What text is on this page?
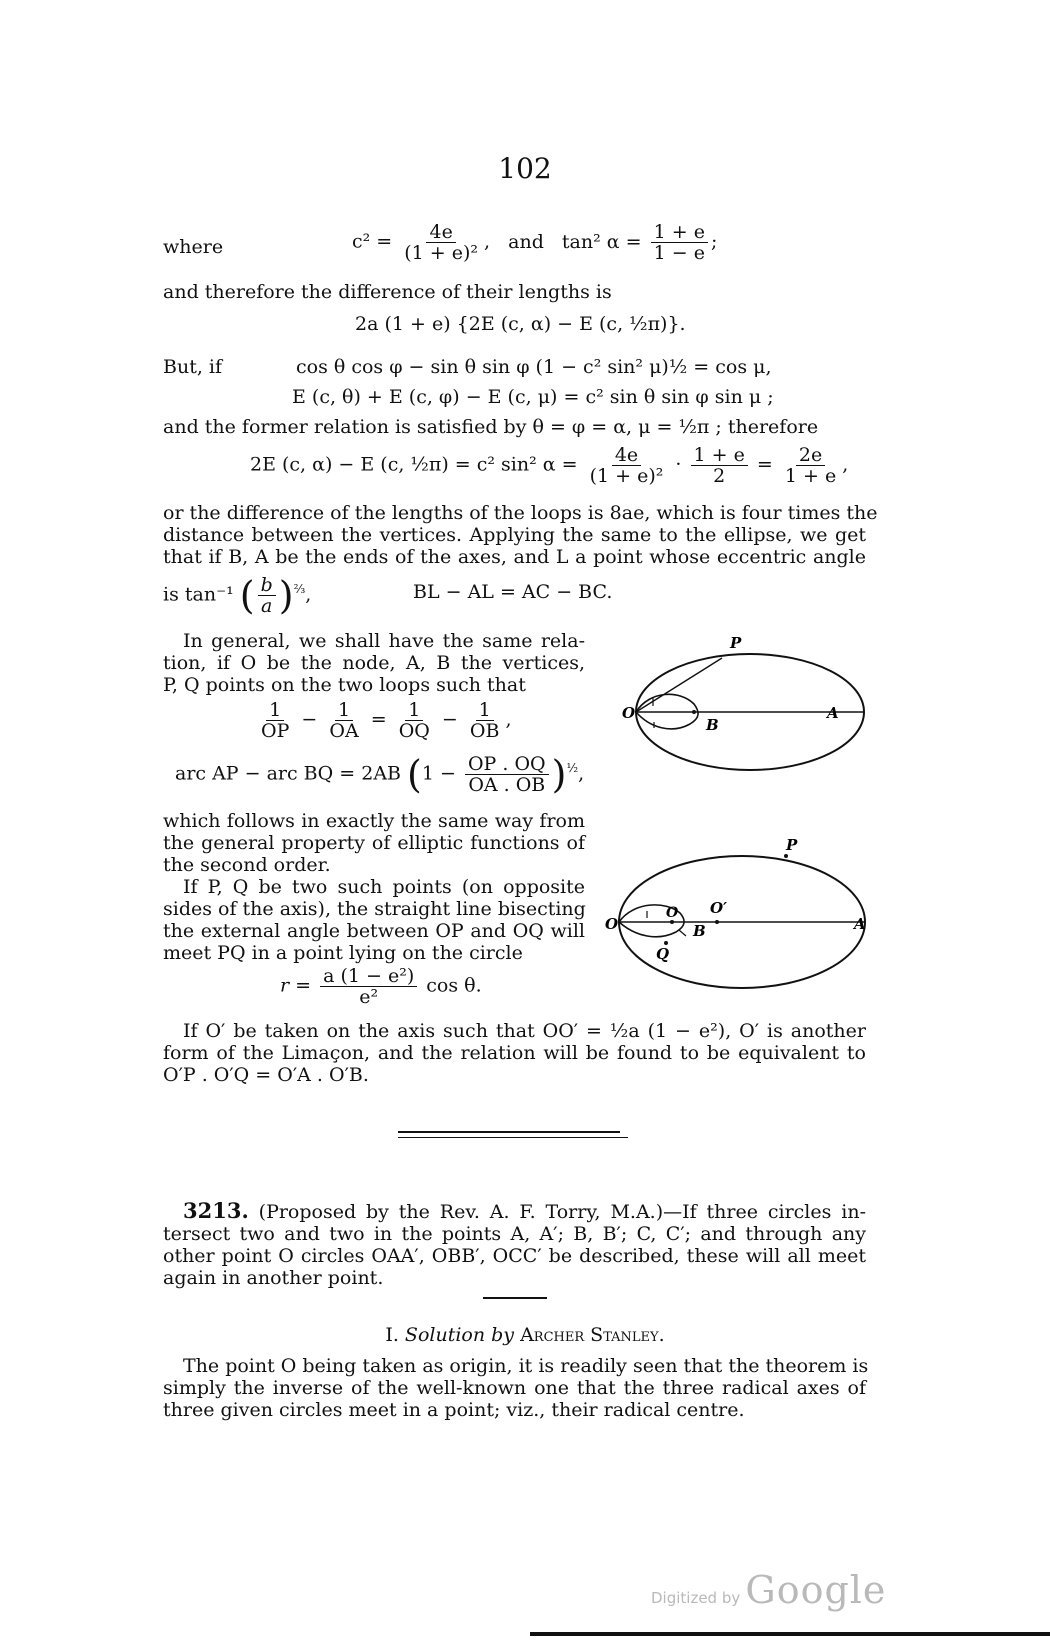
102
where	$c^2 = \frac{4e}{\text{(1 + e)²}}$ , and tan² $\alpha = \frac{1 + e}{1 - e}$ ;
and therefore the difference of their lengths is
2a (1 + e) {2E (c, α) − E (c, ½π)}.
But, if	cos θ cos φ − sin θ sin φ (1 − c² sin² μ)½ = cos μ,
E (c, θ) + E (c, φ) − E (c, μ) = c² sin θ sin φ sin μ ;
and the former relation is satisfied by θ = φ = α, μ = ½π ; therefore
2E (c, α) − E (c, ½π) = c² sin² $\alpha = \frac{4e}{\text{(1 + e)²}} \cdot \frac{1 + e}{2} = \frac{2e}{1 + e}$ ,
or the difference of the lengths of the loops is 8ae, which is four times the
distance between the vertices. Applying the same to the ellipse, we get
that if B, A be the ends of the axes, and L a point whose eccentric angle
is tan⁻¹ ( $\frac{b}{a} )^{\frac{2}{3}}$,	BL − AL = AC − BC.
In general, we shall have the same rela-
tion, if O be the node, A, B the vertices,
P, Q points on the two loops such that
$\frac{1}{OP} - \frac{1}{OA} = \frac{1}{OQ} - \frac{1}{OB}$ ,
arc AP − arc BQ = 2AB $(1 - \frac{OP . OQ}{OA . OB} )^{\frac{1}{2}}$,
which follows in exactly the same way from
the general property of elliptic functions of
the second order.
If P, Q be two such points (on opposite
sides of the axis), the straight line bisecting
the external angle between OP and OQ will
meet PQ in a point lying on the circle
$r = \frac{\text{a (1 − e²)}}{\text{e²}}$ cos θ.
P
O
B
A
P
O
O O′
B
Q
A
If O′ be taken on the axis such that OO′ = ½a (1 − e²), O′ is another
form of the Limaçon, and the relation will be found to be equivalent to
O′P . O′Q = O′A . O′B.
3213. (Proposed by the Rev. A. F. Torry, M.A.)—If three circles in-
tersect two and two in the points A, A′; B, B′; C, C′; and through any
other point O circles OAA′, OBB′, OCC′ be described, these will all meet
again in another point.
I. Solution by Archer Stanley.
The point O being taken as origin, it is readily seen that the theorem is
simply the inverse of the well-known one that the three radical axes of
three given circles meet in a point; viz., their radical centre.
Digitized by Google
